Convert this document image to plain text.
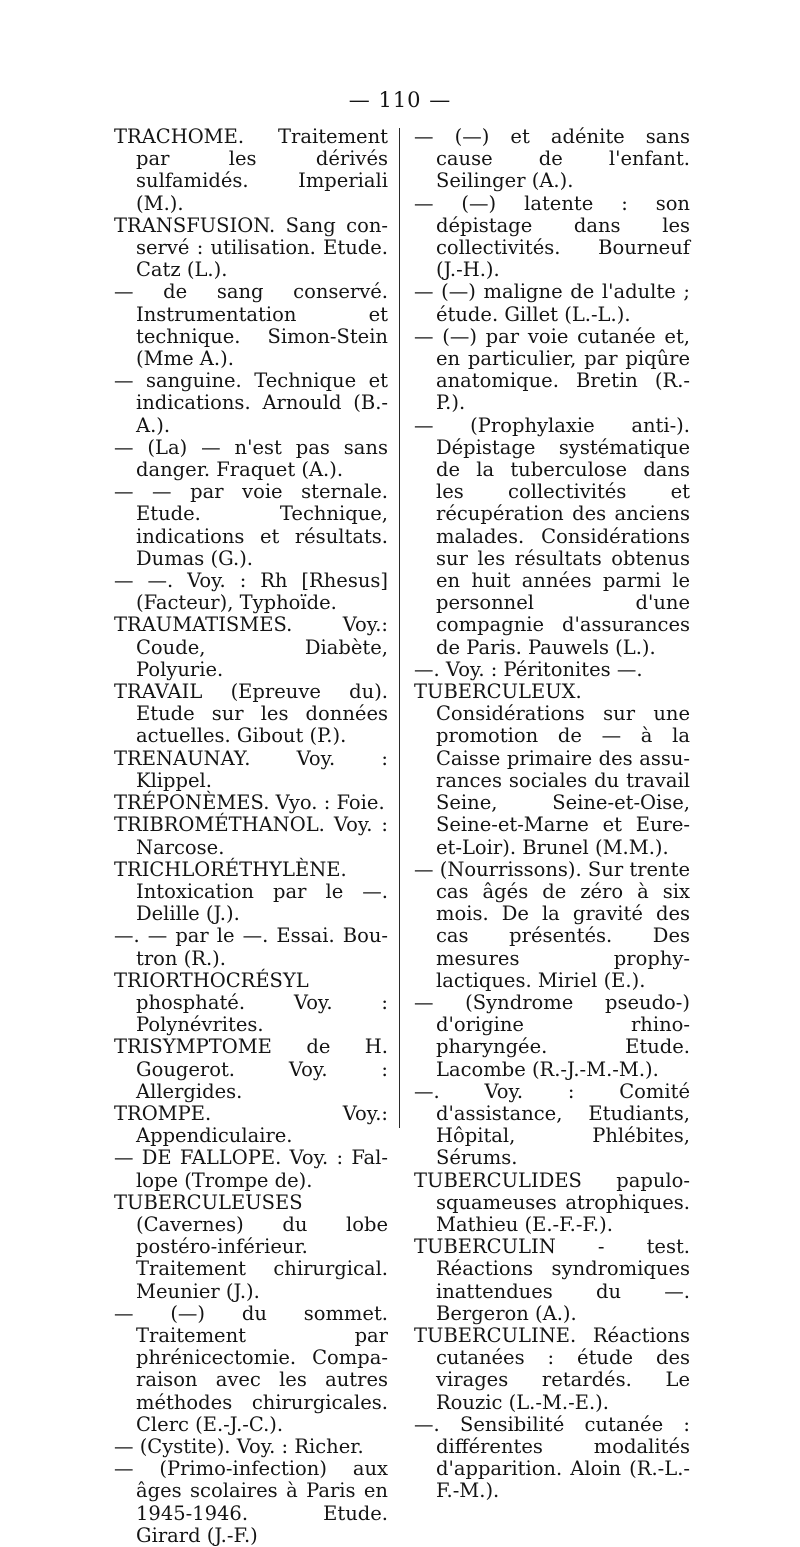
— 110 —

TRACHOME. Traitement par les dérivés sulfamidés. Imperiali (M.).

TRANSFUSION. Sang conservé : utilisation. Etude. Catz (L.).

— de sang conservé. Instrumentation et technique. Simon-Stein (Mme A.).

— sanguine. Technique et indications. Arnould (B.-A.).

— (La) — n'est pas sans danger. Fraquet (A.).

— — par voie sternale. Etude. Technique, indications et résultats. Dumas (G.).

— —. Voy. : Rh [Rhesus] (Facteur), Typhoïde.

TRAUMATISMES. Voy.: Coude, Diabète, Polyurie.

TRAVAIL (Epreuve du). Etude sur les données actuelles. Gibout (P.).

TRENAUNAY. Voy. : Klippel.

TRÉPONÈMES. Vyo. : Foie.

TRIBROMÉTHANOL. Voy. : Narcose.

TRICHLORÉTHYLÈNE. Intoxication par le —. Delille (J.).

—. — par le —. Essai. Boutron (R.).

TRIORTHOCRÉSYL phosphaté. Voy. : Polynévrites.

TRISYMPTOME de H. Gougerot. Voy. : Allergides.

TROMPE. Voy.: Appendiculaire.

— DE FALLOPE. Voy. : Fallope (Trompe de).

TUBERCULEUSES (Cavernes) du lobe postéro-inférieur. Traitement chirurgical. Meunier (J.).

— (—) du sommet. Traitement par phrénicectomie. Comparaison avec les autres méthodes chirurgicales. Clerc (E.-J.-C.).

— (Cystite). Voy. : Richer.

— (Primo-infection) aux âges scolaires à Paris en 1945-1946. Etude. Girard (J.-F.)

— (—) et adénite sans cause de l'enfant. Seilinger (A.).

— (—) latente : son dépistage dans les collectivités. Bourneuf (J.-H.).

— (—) maligne de l'adulte ; étude. Gillet (L.-L.).

— (—) par voie cutanée et, en particulier, par piqûre anatomique. Bretin (R.-P.).

— (Prophylaxie anti-). Dépistage systématique de la tuberculose dans les collectivités et récupération des anciens malades. Considérations sur les résultats obtenus en huit années parmi le personnel d'une compagnie d'assurances de Paris. Pauwels (L.).

—. Voy. : Péritonites —.

TUBERCULEUX. Considérations sur une promotion de — à la Caisse primaire des assurances sociales du travail Seine, Seine-et-Oise, Seine-et-Marne et Eure-et-Loir). Brunel (M.M.).

— (Nourrissons). Sur trente cas âgés de zéro à six mois. De la gravité des cas présentés. Des mesures prophylactiques. Miriel (E.).

— (Syndrome pseudo-) d'origine rhino-pharyngée. Etude. Lacombe (R.-J.-M.-M.).

—. Voy. : Comité d'assistance, Etudiants, Hôpital, Phlébites, Sérums.

TUBERCULIDES papulo-squameuses atrophiques. Mathieu (E.-F.-F.).

TUBERCULIN - test. Réactions syndromiques inattendues du —. Bergeron (A.).

TUBERCULINE. Réactions cutanées : étude des virages retardés. Le Rouzic (L.-M.-E.).

—. Sensibilité cutanée : différentes modalités d'apparition. Aloin (R.-L.-F.-M.).
